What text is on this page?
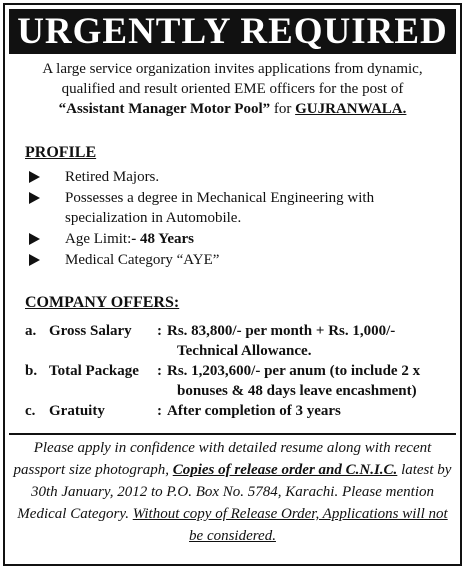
URGENTLY REQUIRED
A large service organization invites applications from dynamic,
qualified and result oriented EME officers for the post of
“Assistant Manager Motor Pool” for GUJRANWALA.
PROFILE
Retired Majors.
Possesses a degree in Mechanical Engineering with specialization in Automobile.
Age Limit:- 48 Years
Medical Category “AYE”
COMPANY OFFERS:
a. Gross Salary : Rs. 83,800/- per month + Rs. 1,000/-
Technical Allowance.
b. Total Package : Rs. 1,203,600/- per anum (to include 2 x
bonuses & 48 days leave encashment)
c. Gratuity	: After completion of 3 years
Please apply in confidence with detailed resume along with recent passport size photograph, Copies of release order and C.N.I.C. latest by 30th January, 2012 to P.O. Box No. 5784, Karachi. Please mention Medical Category. Without copy of Release Order, Applications will not be considered.
